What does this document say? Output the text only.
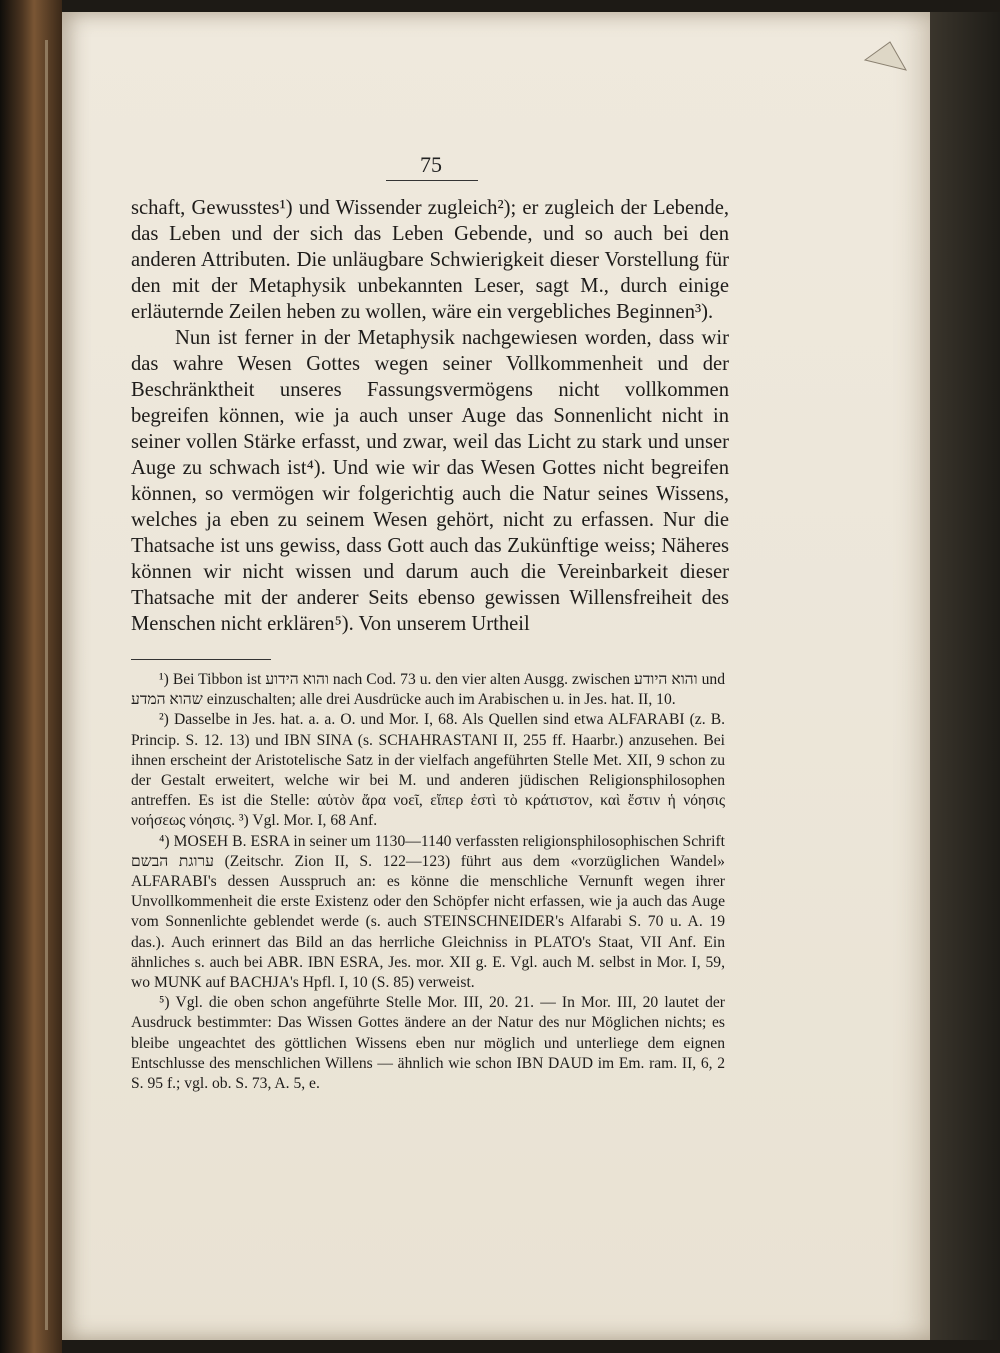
75

schaft, Gewusstes¹) und Wissender zugleich²); er zugleich der Lebende, das Leben und der sich das Leben Gebende, und so auch bei den anderen Attributen. Die unläugbare Schwierigkeit dieser Vorstellung für den mit der Metaphysik unbekannten Leser, sagt M., durch einige erläuternde Zeilen heben zu wollen, wäre ein vergebliches Beginnen³).

Nun ist ferner in der Metaphysik nachgewiesen worden, dass wir das wahre Wesen Gottes wegen seiner Vollkommenheit und der Beschränktheit unseres Fassungsvermögens nicht vollkommen begreifen können, wie ja auch unser Auge das Sonnenlicht nicht in seiner vollen Stärke erfasst, und zwar, weil das Licht zu stark und unser Auge zu schwach ist⁴). Und wie wir das Wesen Gottes nicht begreifen können, so vermögen wir folgerichtig auch die Natur seines Wissens, welches ja eben zu seinem Wesen gehört, nicht zu erfassen. Nur die Thatsache ist uns gewiss, dass Gott auch das Zukünftige weiss; Näheres können wir nicht wissen und darum auch die Vereinbarkeit dieser Thatsache mit der anderer Seits ebenso gewissen Willensfreiheit des Menschen nicht erklären⁵). Von unserem Urtheil

¹) Bei Tibbon ist והוא הידוע nach Cod. 73 u. den vier alten Ausgg. zwischen והוא היודע und שהוא המדע einzuschalten; alle drei Ausdrücke auch im Arabischen u. in Jes. hat. II, 10.

²) Dasselbe in Jes. hat. a. a. O. und Mor. I, 68. Als Quellen sind etwa ALFARABI (z. B. Princip. S. 12. 13) und IBN SINA (s. SCHAHRASTANI II, 255 ff. Haarbr.) anzusehen. Bei ihnen erscheint der Aristotelische Satz in der vielfach angeführten Stelle Met. XII, 9 schon zu der Gestalt erweitert, welche wir bei M. und anderen jüdischen Religionsphilosophen antreffen. Es ist die Stelle: αὑτὸν ἄρα νοεῖ, εἴπερ ἐστὶ τὸ κράτιστον, καὶ ἔστιν ἡ νόησις νοήσεως νόησις. ³) Vgl. Mor. I, 68 Anf.

⁴) MOSEH B. ESRA in seiner um 1130—1140 verfassten religionsphilosophischen Schrift ערוגת הבשם (Zeitschr. Zion II, S. 122—123) führt aus dem «vorzüglichen Wandel» ALFARABI's dessen Ausspruch an: es könne die menschliche Vernunft wegen ihrer Unvollkommenheit die erste Existenz oder den Schöpfer nicht erfassen, wie ja auch das Auge vom Sonnenlichte geblendet werde (s. auch STEINSCHNEIDER's Alfarabi S. 70 u. A. 19 das.). Auch erinnert das Bild an das herrliche Gleichniss in PLATO's Staat, VII Anf. Ein ähnliches s. auch bei ABR. IBN ESRA, Jes. mor. XII g. E. Vgl. auch M. selbst in Mor. I, 59, wo MUNK auf BACHJA's Hpfl. I, 10 (S. 85) verweist.

⁵) Vgl. die oben schon angeführte Stelle Mor. III, 20. 21. — In Mor. III, 20 lautet der Ausdruck bestimmter: Das Wissen Gottes ändere an der Natur des nur Möglichen nichts; es bleibe ungeachtet des göttlichen Wissens eben nur möglich und unterliege dem eignen Entschlusse des menschlichen Willens — ähnlich wie schon IBN DAUD im Em. ram. II, 6, 2 S. 95 f.; vgl. ob. S. 73, A. 5, e.
